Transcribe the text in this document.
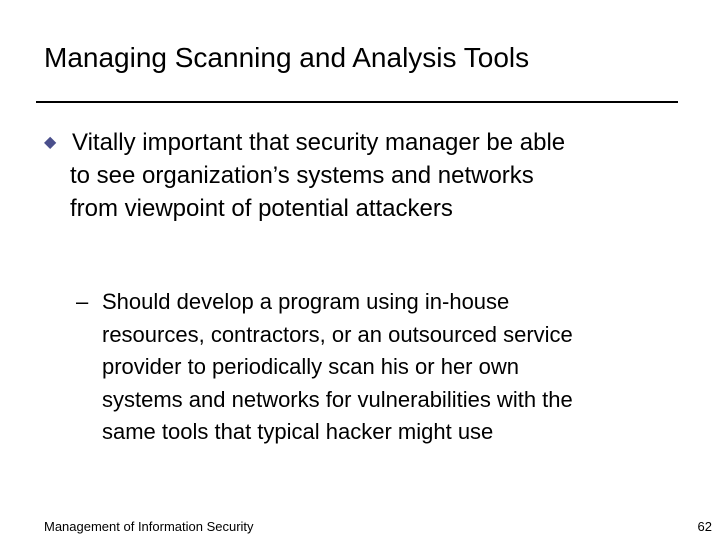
Managing Scanning and Analysis Tools
◆ Vitally important that security manager be able
to see organization’s systems and networks
from viewpoint of potential attackers
– Should develop a program using in-house
resources, contractors, or an outsourced service
provider to periodically scan his or her own
systems and networks for vulnerabilities with the
same tools that typical hacker might use
Management of Information Security	62
